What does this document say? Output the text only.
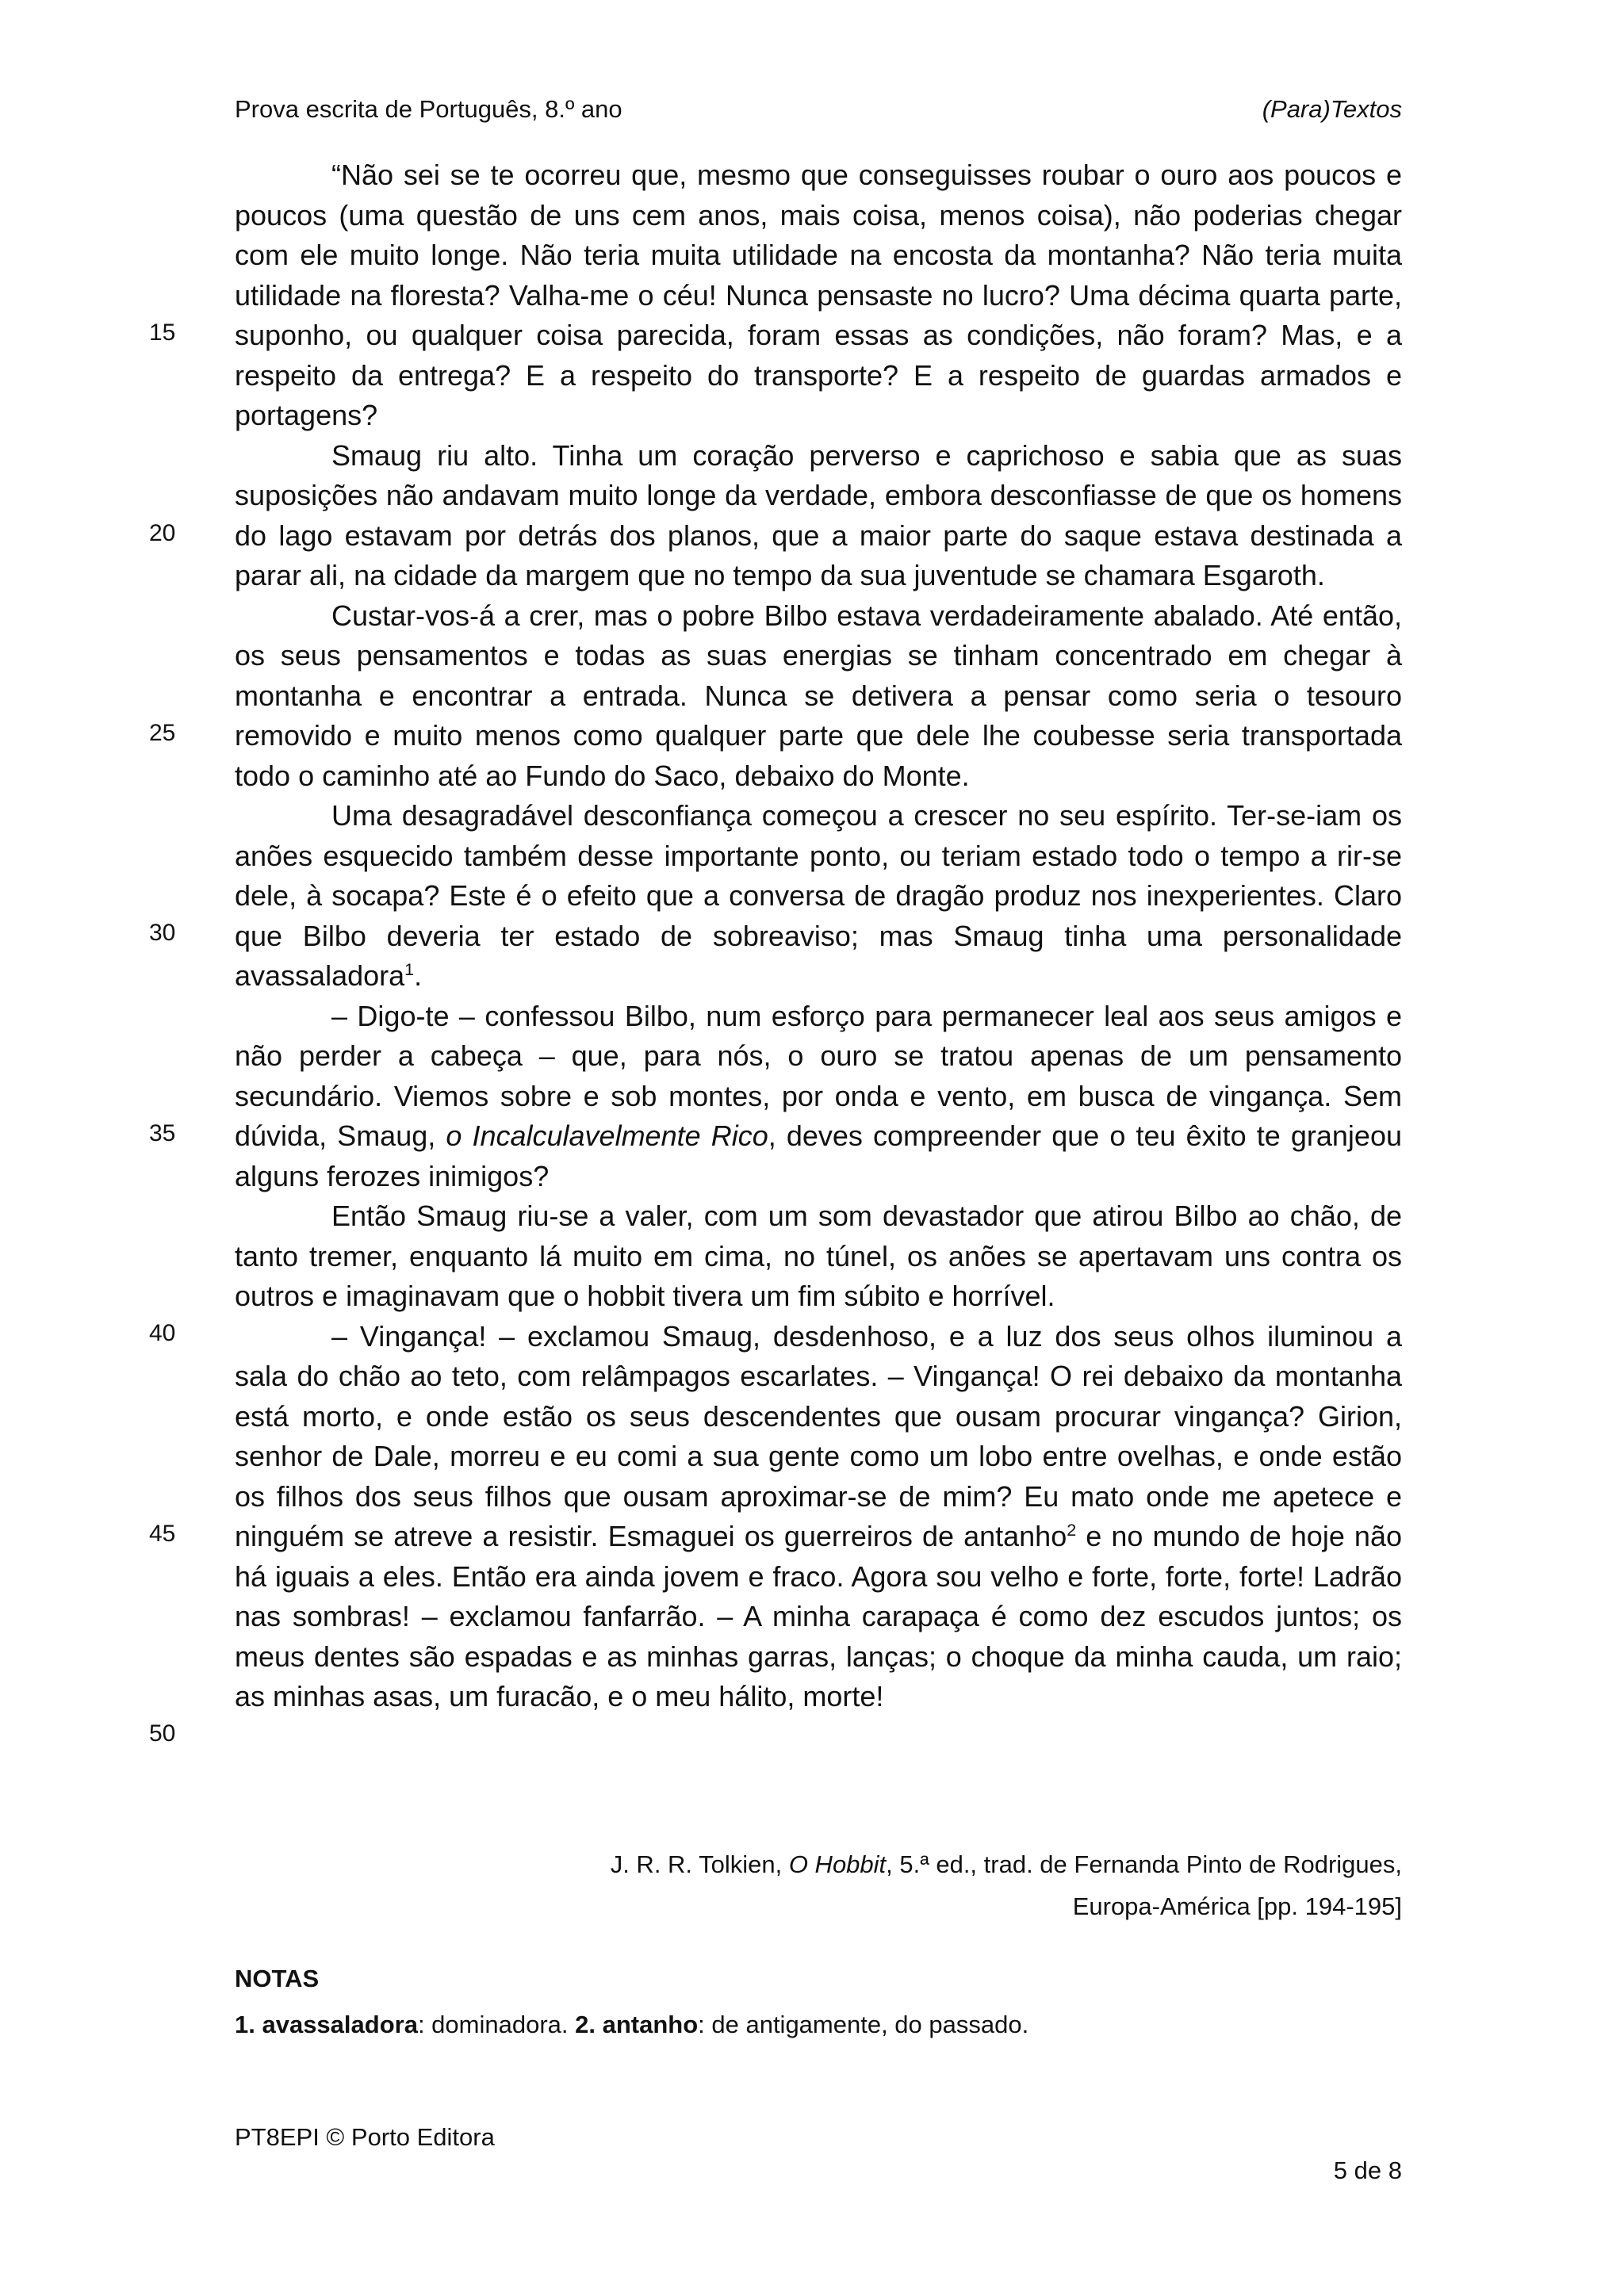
Prova escrita de Português, 8.º ano	(Para)Textos
15
20
25
30
35
40
45
50

“Não sei se te ocorreu que, mesmo que conseguisses roubar o ouro aos poucos e poucos (uma questão de uns cem anos, mais coisa, menos coisa), não poderias chegar com ele muito longe. Não teria muita utilidade na encosta da montanha? Não teria muita utilidade na floresta? Valha-me o céu! Nunca pensaste no lucro? Uma décima quarta parte, suponho, ou qualquer coisa parecida, foram essas as condições, não foram? Mas, e a respeito da entrega? E a respeito do transporte? E a respeito de guardas armados e portagens?

Smaug riu alto. Tinha um coração perverso e caprichoso e sabia que as suas suposições não andavam muito longe da verdade, embora desconfiasse de que os homens do lago estavam por detrás dos planos, que a maior parte do saque estava destinada a parar ali, na cidade da margem que no tempo da sua juventude se chamara Esgaroth.

Custar-vos-á a crer, mas o pobre Bilbo estava verdadeiramente abalado. Até então, os seus pensamentos e todas as suas energias se tinham concentrado em chegar à montanha e encontrar a entrada. Nunca se detivera a pensar como seria o tesouro removido e muito menos como qualquer parte que dele lhe coubesse seria transportada todo o caminho até ao Fundo do Saco, debaixo do Monte.

Uma desagradável desconfiança começou a crescer no seu espírito. Ter-se-iam os anões esquecido também desse importante ponto, ou teriam estado todo o tempo a rir-se dele, à socapa? Este é o efeito que a conversa de dragão produz nos inexperientes. Claro que Bilbo deveria ter estado de sobreaviso; mas Smaug tinha uma personalidade avassaladora$^1$.

– Digo-te – confessou Bilbo, num esforço para permanecer leal aos seus amigos e não perder a cabeça – que, para nós, o ouro se tratou apenas de um pensamento secundário. Viemos sobre e sob montes, por onda e vento, em busca de vingança. Sem dúvida, Smaug, o Incalculavelmente Rico, deves compreender que o teu êxito te granjeou alguns ferozes inimigos?

Então Smaug riu-se a valer, com um som devastador que atirou Bilbo ao chão, de tanto tremer, enquanto lá muito em cima, no túnel, os anões se apertavam uns contra os outros e imaginavam que o hobbit tivera um fim súbito e horrível.

– Vingança! – exclamou Smaug, desdenhoso, e a luz dos seus olhos iluminou a sala do chão ao teto, com relâmpagos escarlates. – Vingança! O rei debaixo da montanha está morto, e onde estão os seus descendentes que ousam procurar vingança? Girion, senhor de Dale, morreu e eu comi a sua gente como um lobo entre ovelhas, e onde estão os filhos dos seus filhos que ousam aproximar-se de mim? Eu mato onde me apetece e ninguém se atreve a resistir. Esmaguei os guerreiros de antanho$^2$ e no mundo de hoje não há iguais a eles. Então era ainda jovem e fraco. Agora sou velho e forte, forte, forte! Ladrão nas sombras! – exclamou fanfarrão. – A minha carapaça é como dez escudos juntos; os meus dentes são espadas e as minhas garras, lanças; o choque da minha cauda, um raio; as minhas asas, um furacão, e o meu hálito, morte!

J. R. R. Tolkien, O Hobbit, 5.ª ed., trad. de Fernanda Pinto de Rodrigues,
Europa-América [pp. 194-195]
NOTAS
1. avassaladora: dominadora. 2. antanho: de antigamente, do passado.
PT8EPI © Porto Editora
5 de 8
